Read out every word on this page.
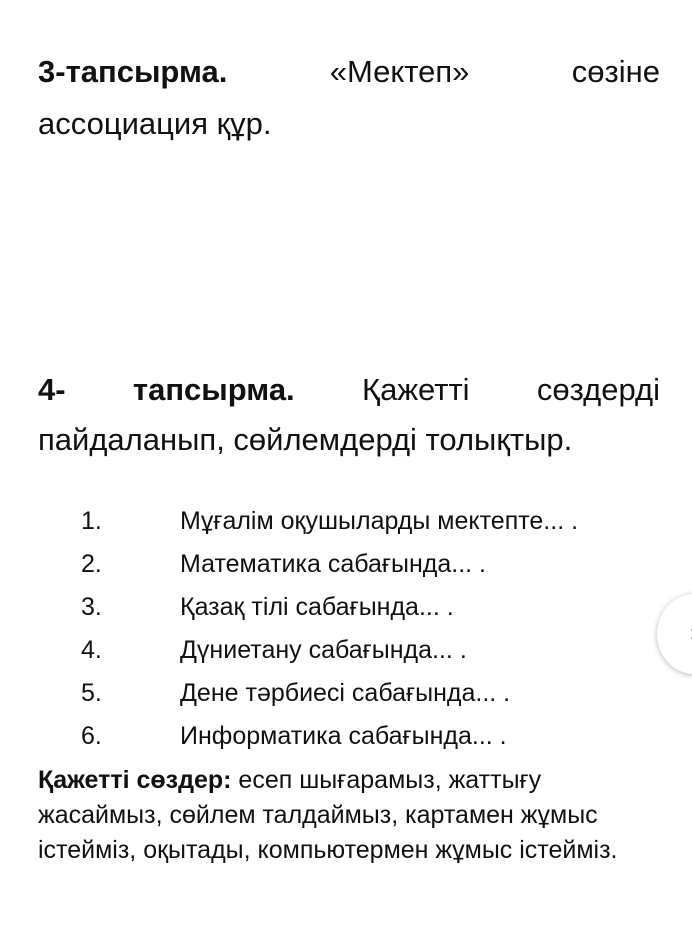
3-тапсырма.	«Мектеп»	сөзіне
ассоциация құр.
4- тапсырма. Қажетті сөздерді
пайдаланып, сөйлемдерді толықтыр.
1.	Мұғалім оқушыларды мектепте... .
2.	Математика сабағында... .
3.	Қазақ тілі сабағында... .
4.	Дүниетану сабағында... .
5.	Дене тәрбиесі сабағында... .
6.	Информатика сабағында... .

Қажетті сөздер: есеп шығарамыз, жаттығу жасаймыз, сөйлем талдаймыз, картамен жұмыс істейміз, оқытады, компьютермен жұмыс істейміз.
